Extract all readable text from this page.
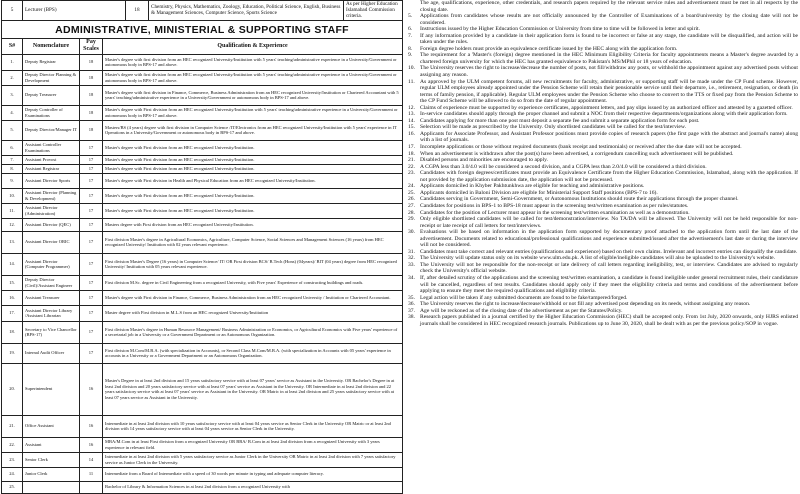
5	Lecturer (BPS)	18	Chemistry, Physics, Mathematics, Zoology, Education, Political Science, English, Business & Management Sciences, Computer Science, Sports Science	As per Higher Education Islamabad Commission criteria.
ADMINISTRATIVE, MINISTERIAL & SUPPORTING STAFF
S#	Nomenclature	Pay Scales	Qualification & Experience
1.	Deputy Registrar	18	Master's degree with first division from an HEC recognized University/Institution with 5 years' teaching/administrative experience in a University/Government or autonomous body in BPS-17 and above.
2.	Deputy Director Planning & Development	18	Master's degree with first division from an HEC recognized University/Institution with 5 years' teaching/administrative experience in a University/Government or autonomous body in BPS-17 and above.
3.	Deputy Treasurer	18	Master's degree with first division in Finance, Commerce, Business Administration from an HEC recognized University/Institution or Chartered Accountant with 5 years' teaching/administrative experience in a University/Government or autonomous body in BPS-17 and above.
4.	Deputy Controller of Examinations	18	Master's degree with First division from an HEC recognized University/Institution with 5 years' teaching/administrative experience in a University/Government or autonomous body in BPS-17 and above.
5.	Deputy Director/Manager IT	18	Masters/BS (4 years) degree with first division in Computer Science /IT/Electronics from an HEC recognized University/Institution with 5 years' experience in IT Operations in a University/Government or autonomous body in BPS-17 and above.
6.	Assistant Controller Examinations	17	Master's degree with First division from an HEC recognized University/Institution.
7.	Assistant Provost	17	Master's degree with First division from an HEC recognized University/Institution.
8.	Assistant Registrar	17	Master's degree with First division from an HEC recognized University/Institution.
9.	Assistant Director Sports	17	Master's degree with First division in Health and Physical Education from an HEC recognized University/Institution.
10.	Assistant Director (Planning & Development)	17	Master's degree with First division from an HEC recognized University/Institution.
11.	Assistant Director (Administration)	17	Master's degree with First division from an HEC recognized University/Institution.
12.	Assistant Director (QEC)	17	Masters degree with First division from an HEC recognized University/Institution.
13.	Assistant Director ORIC	17	First division Master's degree in Agricultural Economics, Agriculture, Computer Science, Social Sciences and Management Sciences (16 years) from HEC recognized University/ Institution with 02 years relevant experience.
14.	Assistant Director (Computer Programmer)	17	First division Master's Degree (16 years) in Computer Science/ IT/ OR First division BCS/ B.Tech (Hons) (04years)/ BIT (04 years) degree from HEC recognized University/ Institution with 05 years relevant experience.
15.	Deputy Director (Civil)/Assistant Engineer	17	First division M.Sc. degree in Civil Engineering from a recognized University, with Five years' Experience of constructing buildings and roads.
16.	Assistant Treasurer	17	Master's degree with First division in Finance, Commerce, Business Administration from an HEC recognized University / Institution or Chartered Accountant.
17.	Assistant Director Library /Assistant Librarian	17	Master degree with First division in M.L.S from an HEC recognized University/Institution
18.	Secretary to Vice Chancellor (BPS-17)	17	First division Master's degree in Human Resource Management/ Business Administration or Economics, or Agricultural Economics with Five years' experience of a secretarial job in a University or a Government Department or an Autonomous Organization.
19.	Internal Audit Officer	17	First division M.Com/M.B.A. (with specialization in Accounts), or Second Class M.Com/M.B.A. (with specialization in Accounts with 05 years' experience in accounts in a University or a Government Department or an Autonomous Organization.
20.	Superintendent	16	Master's Degree in at least 2nd division and 15 years satisfactory service with at least 07 years' service as Assistant in the University. OR Bachelor's Degree in at least 2nd division and 20 years satisfactory service with at least 07 years' service as Assistant in the University. OR Intermediate in at least 2nd division and 22 years satisfactory service with at least 07 years' service as Assistant in the University. OR Matric in at least 2nd division and 25 years satisfactory service with at least 07 years service as Assistant in the University.
21.	Office Assistant	16	Intermediate in at least 2nd division with 10 years satisfactory service with at least 04 years service as Senior Clerk in the University OR Matric or at least 2nd division with 14 years satisfactory service with at least 04 years service as Senior Clerk in the University.
22.	Assistant	16	MBA/M.Com in at least First division from a recognized University OR BBA/ B.Com in at least 2nd division from a recognized University with 3 years experience in relevant field.
23.	Senior Clerk	14	Intermediate in at least 2nd division with 5 years satisfactory service as Junior Clerk in the University OR Matric in at least 2nd division with 7 years satisfactory service as Junior Clerk in the University.
24.	Junior Clerk	11	Intermediate from a Board of Intermediate with a speed of 30 words per minute in typing and adequate computer literacy.
25.			Bachelor of Library & Information Sciences in at least 2nd division from a recognized University with
The age, qualifications, experience, other credentials, and research papers required by the relevant service rules and advertisement must be met in all respects by the closing date.
5.	Applications from candidates whose results are not officially announced by the Controller of Examinations of a board/university by the closing date will not be considered.
6.	Instructions issued by the Higher Education Commission or University from time to time will be followed in letter and spirit.
7.	If any information provided by a candidate in their application form is found to be incorrect or false at any stage, the candidate will be disqualified, and action will be taken under the rules.
8.	Foreign degree holders must provide an equivalence certificate issued by the HEC along with the application form.
9.	The requirement for a 'Master's (foreign) degree mentioned in the HEC Minimum Eligibility Criteria for faculty appointments means a Master's degree awarded by a chartered foreign university for which the HEC has granted equivalence to Pakistan's MS/MPhil or 18 years of education.
10. The University reserves the right to increase/decrease the number of posts, not fill/withdraw any posts, or withhold the appointment against any advertised posts without assigning any reason.
11. As approved by the ULM competent forums, all new recruitments for faculty, administrative, or supporting staff will be made under the CP Fund scheme. However, regular ULM employees already appointed under the Pension Scheme will retain their pensionable service until their departure, i.e., retirement, resignation, or death (in terms of family pension, if applicable). Regular ULM employees under the Pension Scheme who choose to convert to the TTS or fixed pay from the Pension Scheme to the CP Fund Scheme will be allowed to do so from the date of regular appointment.
12. Claims of experience must be supported by experience certificates, appointment letters, and pay slips issued by an authorized officer and attested by a gazetted officer.
13. In-service candidates should apply through the proper channel and submit a NOC from their respective departments/organizations along with their application form.
14. Candidates applying for more than one post must deposit a separate fee and submit a separate application form for each post.
15. Selection will be made as prescribed by the University. Only shortlisted candidates will be called for the test/interview.
16. Applicants for Associate Professor, and Assistant Professor positions must provide copies of research papers (the first page with the abstract and journal's name) along with a list of journals.
17. Incomplete applications or those without required documents (bank receipt and testimonials) or received after the due date will not be accepted.
18. When an advertisement is withdrawn after the post(s) have been advertised, a corrigendum cancelling such advertisement will be published.
21. Disabled persons and minorities are encouraged to apply.
22. A CGPA less than 3.0/4.0 will be considered a second division, and a CGPA less than 2.0/4.0 will be considered a third division.
23. Candidates with foreign degrees/certificates must provide an Equivalence Certificate from the Higher Education Commission, Islamabad, along with the application. If not provided by the application submission date, the application will not be processed.
24. Applicants domiciled in Khyber Pakhtunkhwa are eligible for teaching and administrative positions.
25. Applicants domiciled in Baloni Division are eligible for Ministerial Support Staff positions (BPS-7 to 16).
26. Candidates serving in Government, Semi-Government, or Autonomous Institutions should route their applications through the proper channel.
27. Candidates for positions in BPS-1 to BPS-18 must appear in the screening test/written examination as per rules/statutes.
28. Candidates for the position of Lecturer must appear in the screening test/written examination as well as a demonstration.
29. Only eligible shortlisted candidates will be called for test/demonstration/interview. No TA/DA will be allowed. The University will not be held responsible for non-receipt or late receipt of call letters for test/interviews.
30. Evaluations will be based on information in the application form supported by documentary proof attached to the application form until the last date of the advertisement. Documents related to educational/professional qualifications and experience submitted/issued after the advertisement's last date or during the interview will not be considered.
31. Candidates must take correct and relevant entries (qualifications and experience) based on their own claims. Irrelevant and incorrect entries can disqualify the candidate.
32. The University will update status only on its website www.ulm.edu.pk. A list of eligible/ineligible candidates will also be uploaded to the University's website.
33. The University will not be responsible for the non-receipt or late delivery of call letters regarding ineligibility, test, or interview. Candidates are advised to regularly check the University's official website.
34. If, after detailed scrutiny of the applications and the screening test/written examination, a candidate is found ineligible under general recruitment rules, their candidature will be cancelled, regardless of test results. Candidates should apply only if they meet the eligibility criteria and terms and conditions of the advertisement before applying to ensure they meet the required qualifications and eligibility criteria.
35. Legal action will be taken if any submitted documents are found to be fake/tampered/forged.
36. The University reserves the right to increase/decrease/withhold or not fill any advertised post depending on its needs, without assigning any reason.
37. Age will be reckoned as of the closing date of the advertisement as per the Statutes/Policy.
38. Research papers published in a journal certified by the Higher Education Commission (HEC) shall be accepted only. From 1st July, 2020 onwards, only HJRS enlisted journals shall be considered in HEC recognized research journals. Publications up to June 30, 2020, shall be dealt with as per the previous policy/SOP in vogue.
